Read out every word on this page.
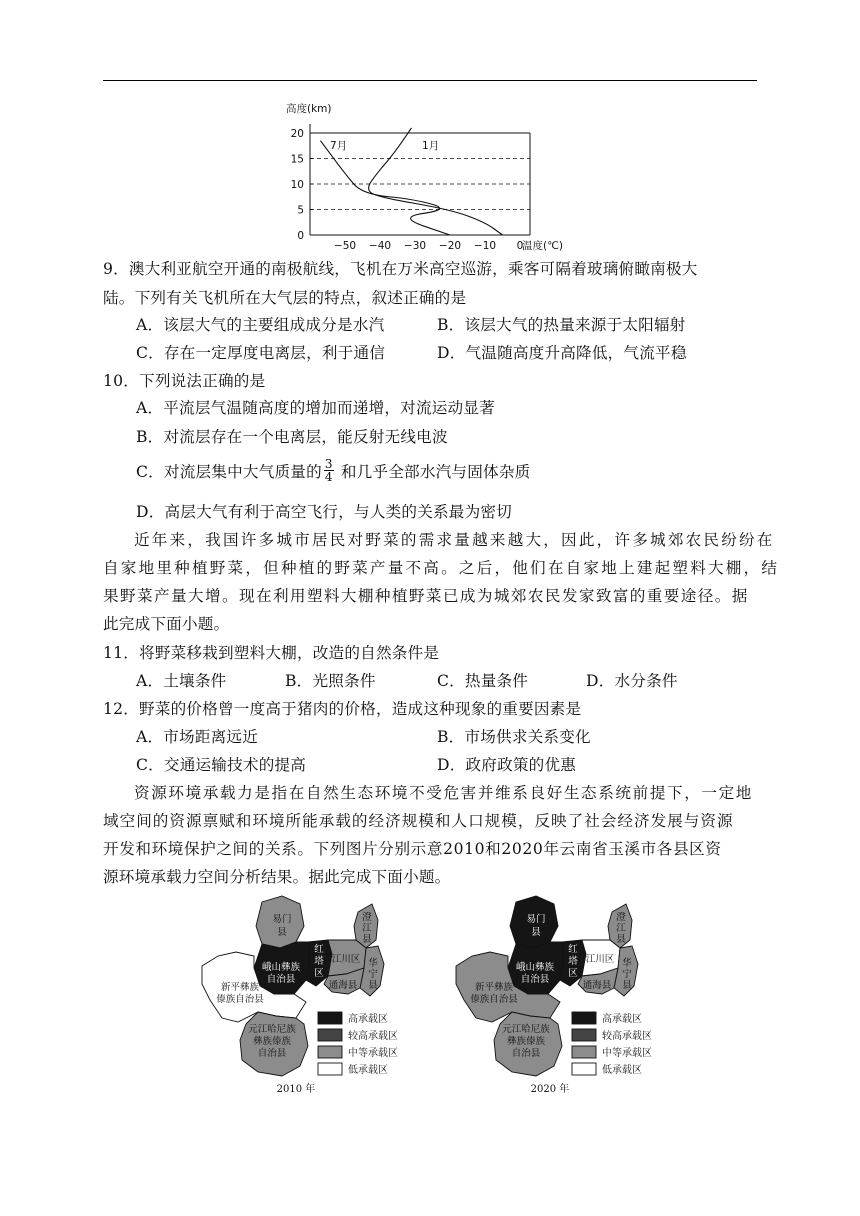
高度(km)
20
15
10
5
0
−50 −40 −30 −20 −10 0
温度(℃)
7月	1月
9．澳大利亚航空开通的南极航线，飞机在万米高空巡游，乘客可隔着玻璃俯瞰南极大
陆。下列有关飞机所在大气层的特点，叙述正确的是
A．该层大气的主要组成成分是水汽	B．该层大气的热量来源于太阳辐射
C．存在一定厚度电离层，利于通信	D．气温随高度升高降低，气流平稳
10．下列说法正确的是
A．平流层气温随高度的增加而递增，对流运动显著
B．对流层存在一个电离层，能反射无线电波
C．对流层集中大气质量的 $\frac{3}{4}$ 和几乎全部水汽与固体杂质
D．高层大气有利于高空飞行，与人类的关系最为密切
近年来，我国许多城市居民对野菜的需求量越来越大，因此，许多城郊农民纷纷在
自家地里种植野菜，但种植的野菜产量不高。之后，他们在自家地上建起塑料大棚，结
果野菜产量大增。现在利用塑料大棚种植野菜已成为城郊农民发家致富的重要途径。据
此完成下面小题。
11．将野菜移栽到塑料大棚，改造的自然条件是
A．土壤条件	B．光照条件	C．热量条件	D．水分条件
12．野菜的价格曾一度高于猪肉的价格，造成这种现象的重要因素是
A．市场距离远近	B．市场供求关系变化
C．交通运输技术的提高	D．政府政策的优惠
资源环境承载力是指在自然生态环境不受危害并维系良好生态系统前提下，一定地
域空间的资源禀赋和环境所能承载的经济规模和人口规模，反映了社会经济发展与资源
开发和环境保护之间的关系。下列图片分别示意2010和2020年云南省玉溪市各县区资
源环境承载力空间分析结果。据此完成下面小题。
易门
县
澄
江
县
峨山彝族
自治县
红
塔
区
江川区 华
宁
县
通海县
新平彝族
傣族自治县
元江哈尼族
彝族傣族
自治县
高承载区
较高承载区
中等承载区
低承载区
2010 年
易门
县
澄
江
县
峨山彝族
自治县
红
塔
区
江川区 华
宁
县
通海县
新平彝族
傣族自治县
元江哈尼族
彝族傣族
自治县
高承载区
较高承载区
中等承载区
低承载区
2020 年
